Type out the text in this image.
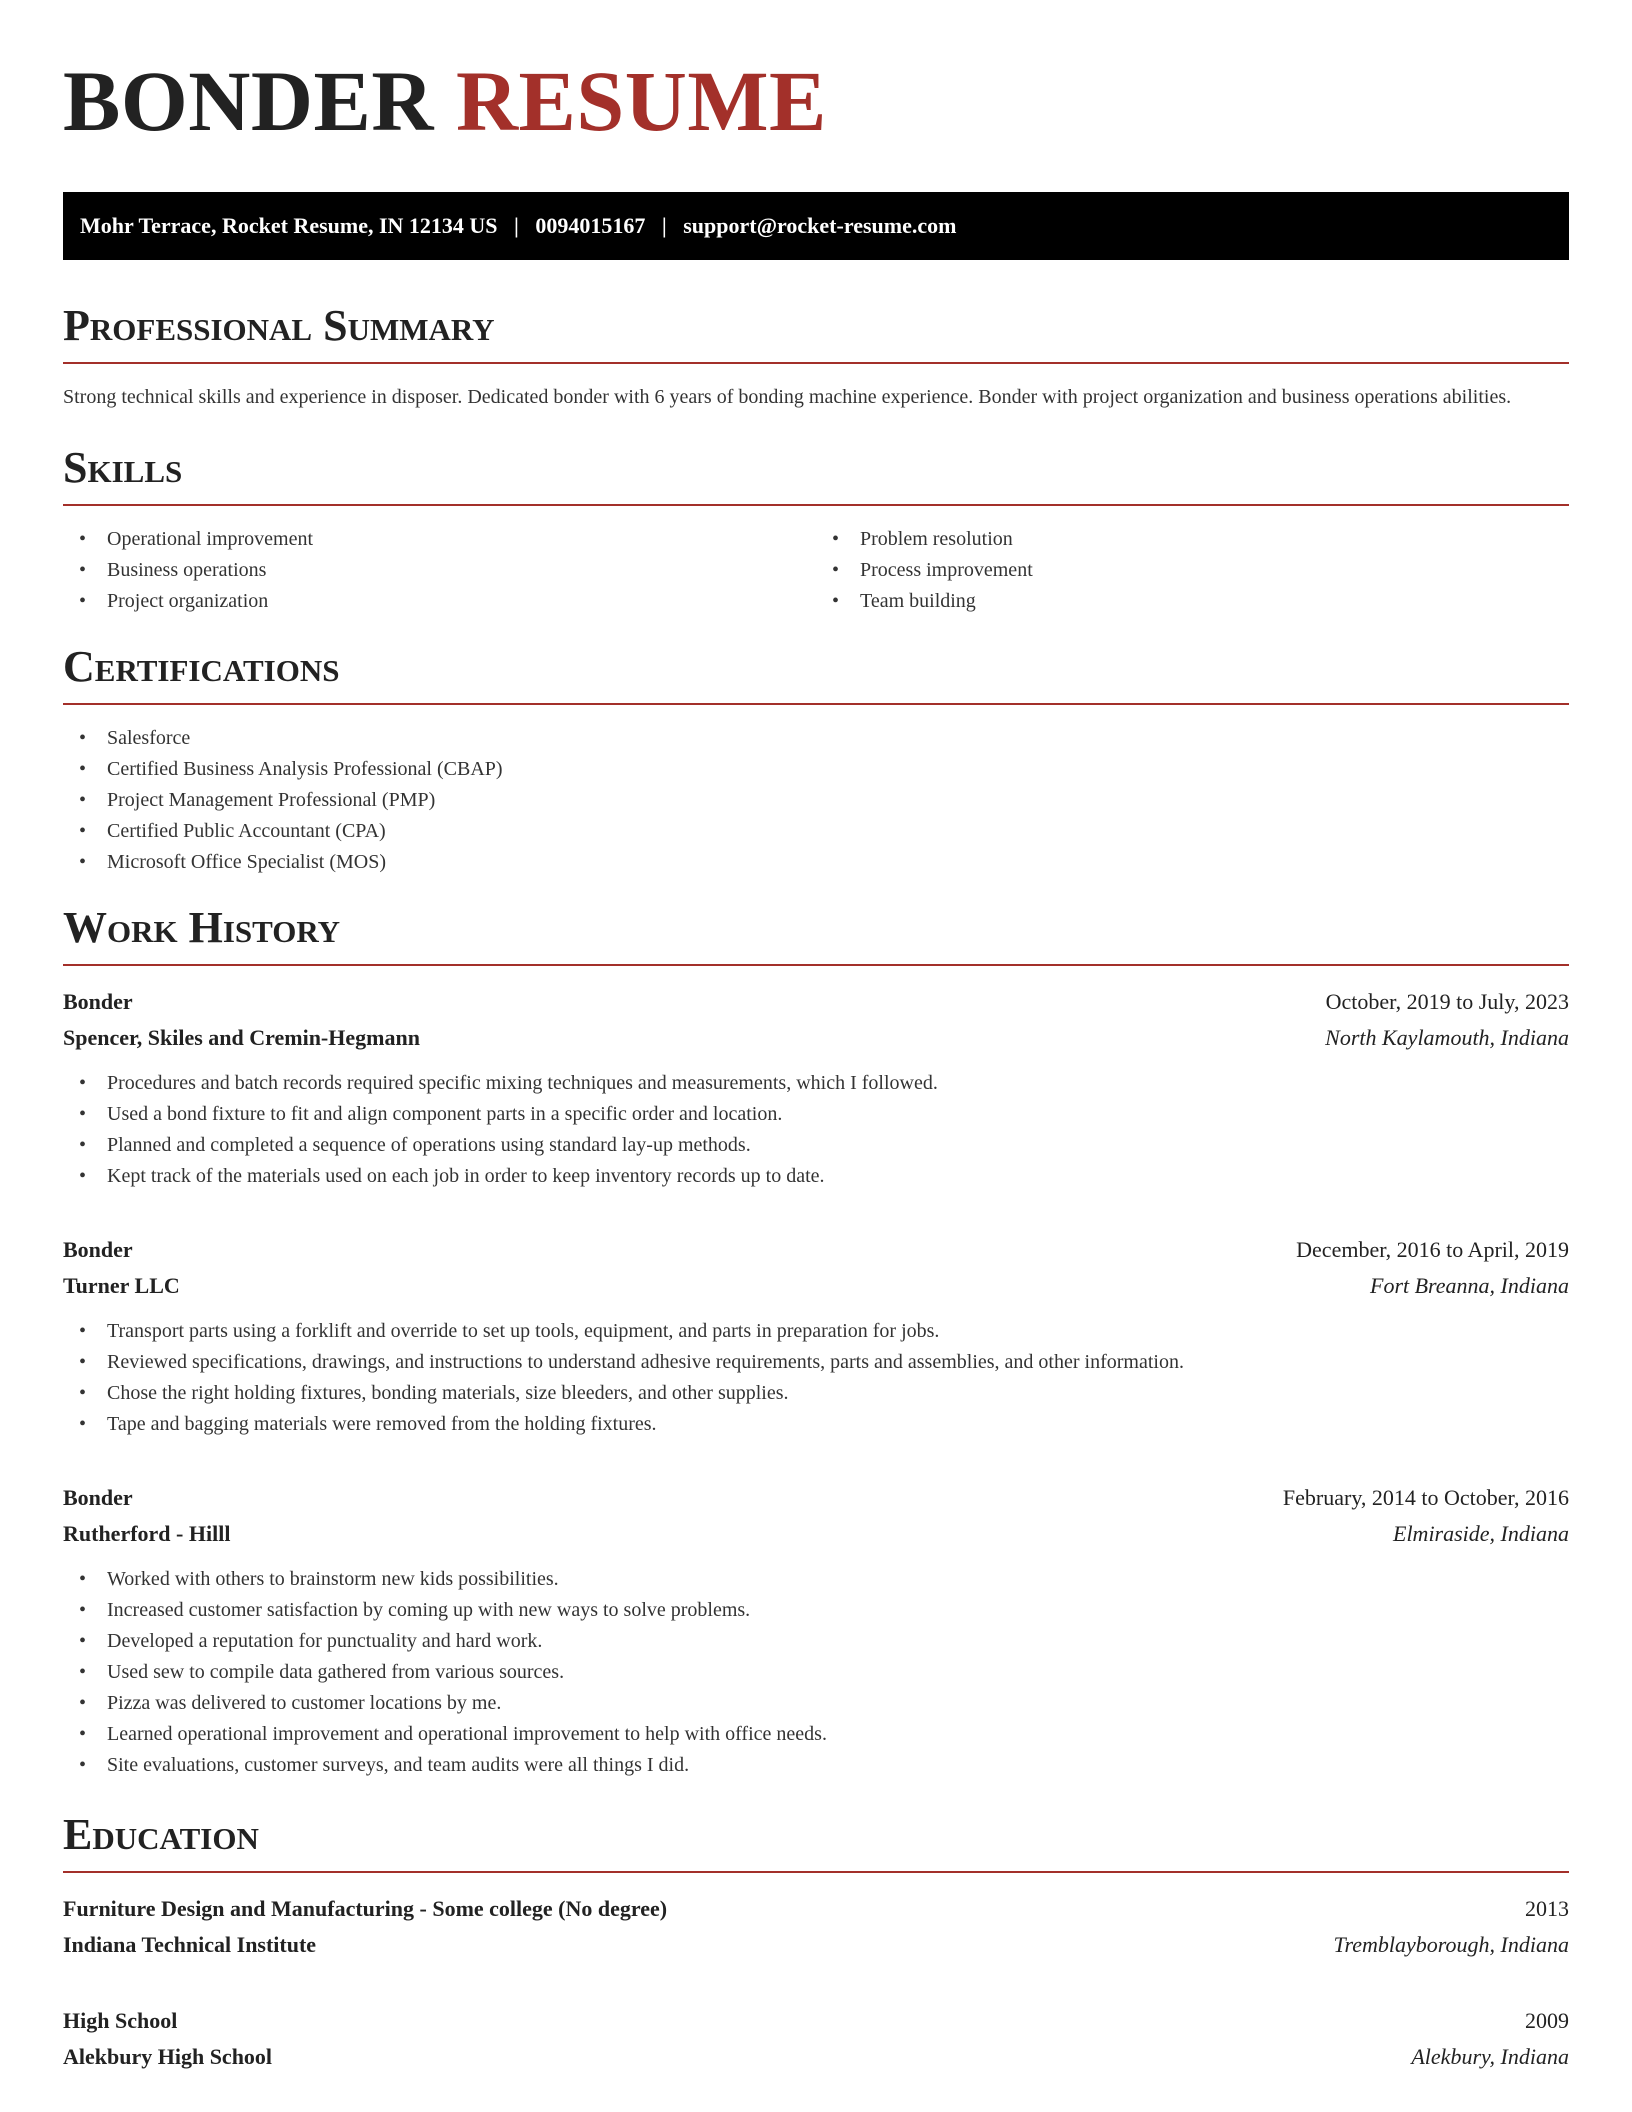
BONDER RESUME
Mohr Terrace, Rocket Resume, IN 12134 US   |   0094015167   |   support@rocket-resume.com
Professional Summary

Strong technical skills and experience in disposer. Dedicated bonder with 6 years of bonding machine experience. Bonder with project organization and business operations abilities.

Skills
• Operational improvement
• Business operations
• Project organization
• Problem resolution
• Process improvement
• Team building
Certifications
• Salesforce
• Certified Business Analysis Professional (CBAP)
• Project Management Professional (PMP)
• Certified Public Accountant (CPA)
• Microsoft Office Specialist (MOS)
Work History
Bonder	October, 2019 to July, 2023
Spencer, Skiles and Cremin-Hegmann	North Kaylamouth, Indiana
• Procedures and batch records required specific mixing techniques and measurements, which I followed.
• Used a bond fixture to fit and align component parts in a specific order and location.
• Planned and completed a sequence of operations using standard lay-up methods.
• Kept track of the materials used on each job in order to keep inventory records up to date.
Bonder	December, 2016 to April, 2019
Turner LLC	Fort Breanna, Indiana
• Transport parts using a forklift and override to set up tools, equipment, and parts in preparation for jobs.
• Reviewed specifications, drawings, and instructions to understand adhesive requirements, parts and assemblies, and other information.
• Chose the right holding fixtures, bonding materials, size bleeders, and other supplies.
• Tape and bagging materials were removed from the holding fixtures.
Bonder	February, 2014 to October, 2016
Rutherford - Hilll	Elmiraside, Indiana
• Worked with others to brainstorm new kids possibilities.
• Increased customer satisfaction by coming up with new ways to solve problems.
• Developed a reputation for punctuality and hard work.
• Used sew to compile data gathered from various sources.
• Pizza was delivered to customer locations by me.
• Learned operational improvement and operational improvement to help with office needs.
• Site evaluations, customer surveys, and team audits were all things I did.
Education
Furniture Design and Manufacturing - Some college (No degree)	2013
Indiana Technical Institute	Tremblayborough, Indiana
High School	2009
Alekbury High School	Alekbury, Indiana
